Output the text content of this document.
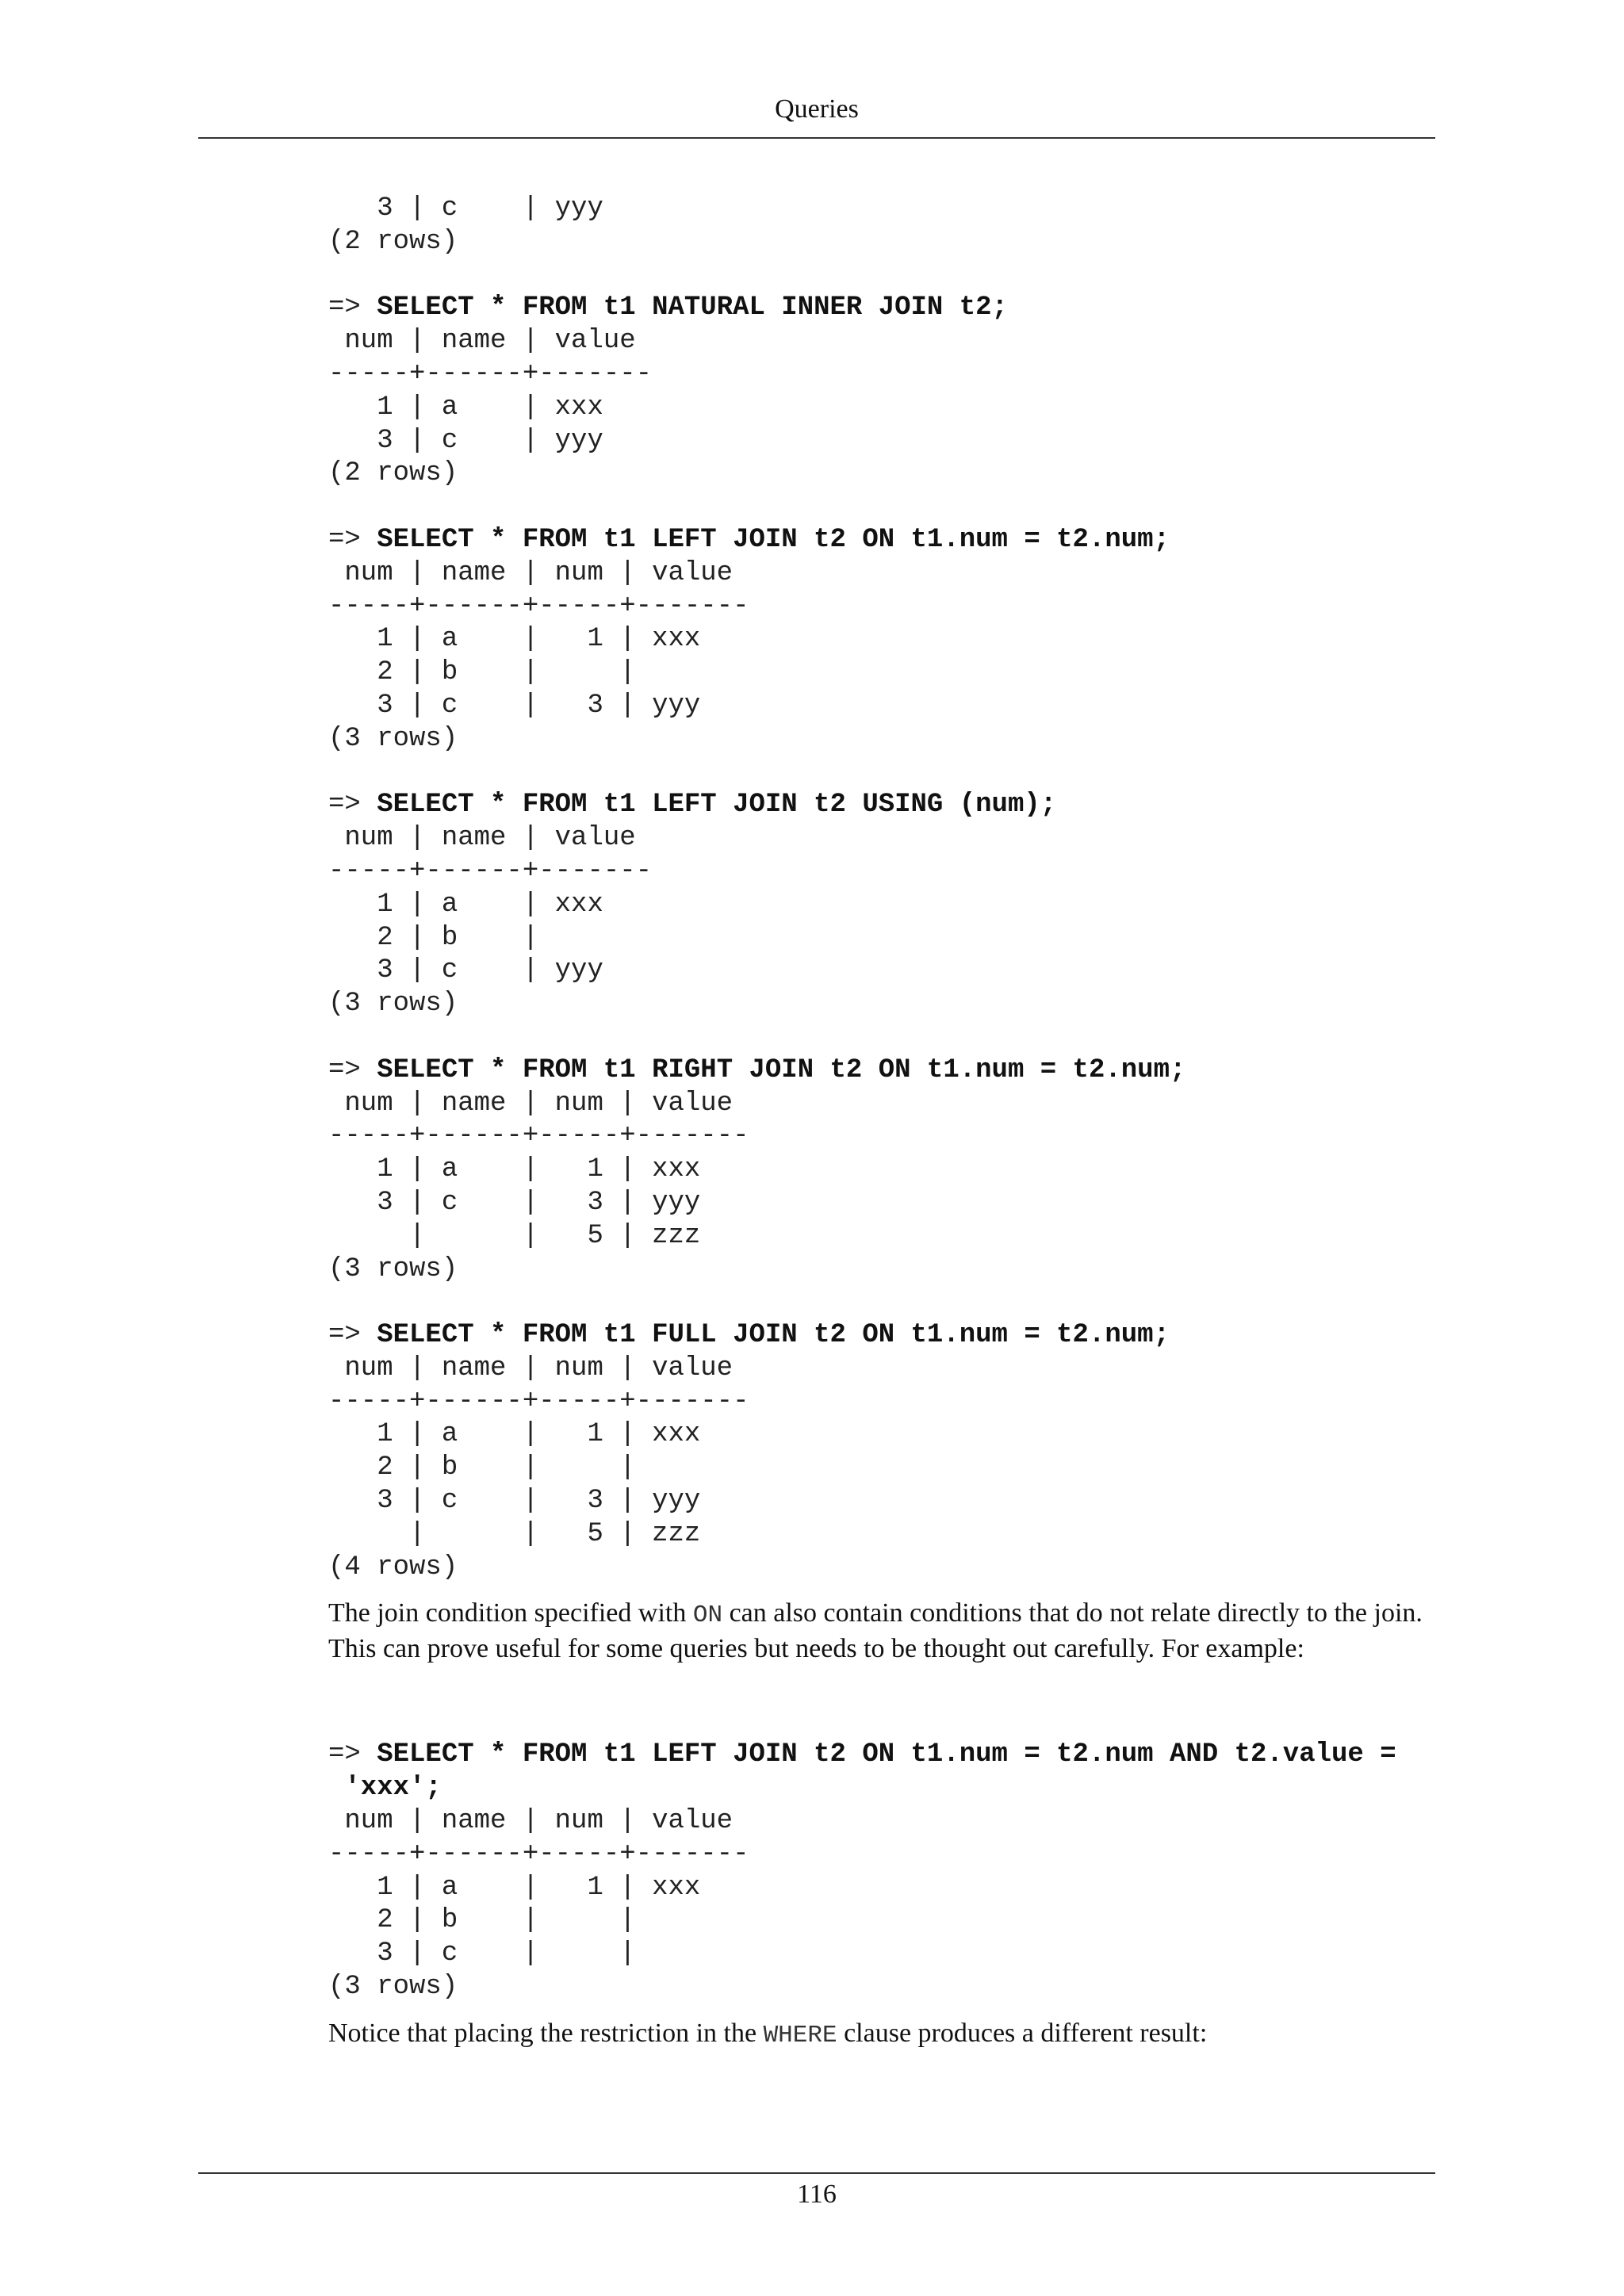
Queries
3 | c    | yyy
(2 rows)
=> SELECT * FROM t1 NATURAL INNER JOIN t2;
num | name | value
-----+------+-------
1 | a    | xxx
3 | c    | yyy
(2 rows)
=> SELECT * FROM t1 LEFT JOIN t2 ON t1.num = t2.num;
num | name | num | value
-----+------+-----+-------
1 | a    |   1 | xxx
2 | b    |     |
3 | c    |   3 | yyy
(3 rows)
=> SELECT * FROM t1 LEFT JOIN t2 USING (num);
num | name | value
-----+------+-------
1 | a    | xxx
2 | b    |
3 | c    | yyy
(3 rows)
=> SELECT * FROM t1 RIGHT JOIN t2 ON t1.num = t2.num;
num | name | num | value
-----+------+-----+-------
1 | a    |   1 | xxx
3 | c    |   3 | yyy
|      |   5 | zzz
(3 rows)
=> SELECT * FROM t1 FULL JOIN t2 ON t1.num = t2.num;
num | name | num | value
-----+------+-----+-------
1 | a    |   1 | xxx
2 | b    |     |
3 | c    |   3 | yyy
|      |   5 | zzz
(4 rows)

The join condition specified with ON can also contain conditions that do not relate directly to the join.
This can prove useful for some queries but needs to be thought out carefully. For example:

=> SELECT * FROM t1 LEFT JOIN t2 ON t1.num = t2.num AND t2.value =
'xxx';
num | name | num | value
-----+------+-----+-------
1 | a    |   1 | xxx
2 | b    |     |
3 | c    |     |
(3 rows)

Notice that placing the restriction in the WHERE clause produces a different result:

116
